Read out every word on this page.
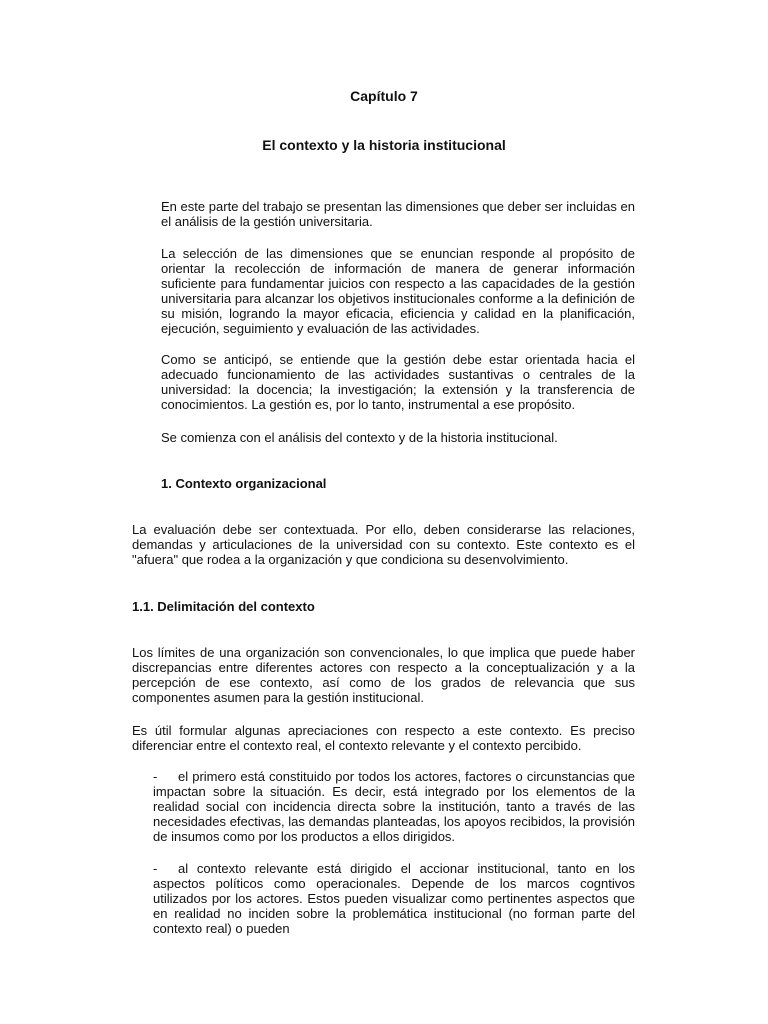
Capítulo 7
El contexto y la historia institucional
En este parte del trabajo se presentan las dimensiones que deber ser incluidas en el análisis de la gestión universitaria.
La selección de las dimensiones que se enuncian responde al propósito de orientar la recolección de información de manera de generar información suficiente para fundamentar juicios con respecto a las capacidades de la gestión universitaria para alcanzar los objetivos institucionales conforme a la definición de su misión, logrando la mayor eficacia, eficiencia y calidad en la planificación, ejecución, seguimiento y evaluación de las actividades.
Como se anticipó, se entiende que la gestión debe estar orientada hacia el adecuado funcionamiento de las actividades sustantivas o centrales de la universidad: la docencia; la investigación; la extensión y la transferencia de conocimientos. La gestión es, por lo tanto, instrumental a ese propósito.
Se comienza con el análisis del contexto y de la historia institucional.
1. Contexto organizacional
La evaluación debe ser contextuada. Por ello, deben considerarse las relaciones, demandas y articulaciones de la universidad con su contexto. Este contexto es el "afuera" que rodea a la organización y que condiciona su desenvolvimiento.
1.1. Delimitación del contexto
Los límites de una organización son convencionales, lo que implica que puede haber discrepancias entre diferentes actores con respecto a la conceptualización y a la percepción de ese contexto, así como de los grados de relevancia que sus componentes asumen para la gestión institucional.
Es útil formular algunas apreciaciones con respecto a este contexto. Es preciso diferenciar entre el contexto real, el contexto relevante y el contexto percibido.
- el primero está constituido por todos los actores, factores o circunstancias que impactan sobre la situación. Es decir, está integrado por los elementos de la realidad social con incidencia directa sobre la institución, tanto a través de las necesidades efectivas, las demandas planteadas, los apoyos recibidos, la provisión de insumos como por los productos a ellos dirigidos.
- al contexto relevante está dirigido el accionar institucional, tanto en los aspectos políticos como operacionales. Depende de los marcos cogntivos utilizados por los actores. Estos pueden visualizar como pertinentes aspectos que en realidad no inciden sobre la problemática institucional (no forman parte del contexto real) o pueden
